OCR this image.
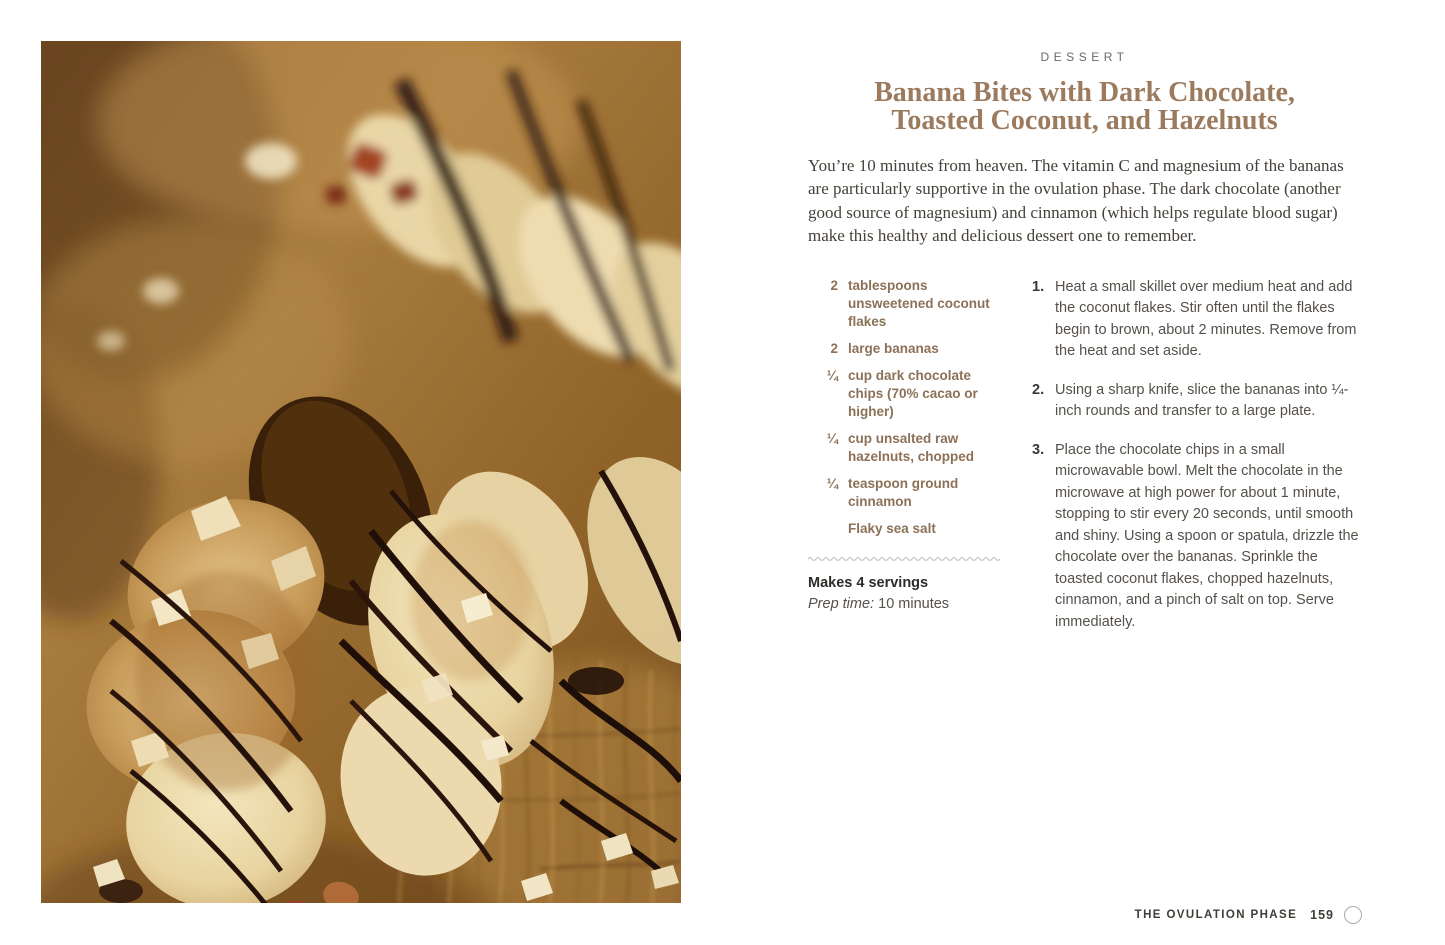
DESSERT
Banana Bites with Dark Chocolate,
Toasted Coconut, and Hazelnuts

You’re 10 minutes from heaven. The vitamin C and magnesium of the bananas are particularly supportive in the ovulation phase. The dark chocolate (another good source of magnesium) and cinnamon (which helps regulate blood sugar) make this healthy and delicious dessert one to remember.

2 tablespoons unsweetened coconut flakes
2 large bananas
¼ cup dark chocolate chips (70% cacao or higher)
¼ cup unsalted raw hazelnuts, chopped
¼ teaspoon ground cinnamon
Flaky sea salt
Makes 4 servings
Prep time: 10 minutes
1. Heat a small skillet over medium heat and add the coconut flakes. Stir often until the flakes begin to brown, about 2 minutes. Remove from the heat and set aside.
2. Using a sharp knife, slice the bananas into ¼-inch rounds and transfer to a large plate.
3. Place the chocolate chips in a small microwavable bowl. Melt the chocolate in the microwave at high power for about 1 minute, stopping to stir every 20 seconds, until smooth and shiny. Using a spoon or spatula, drizzle the chocolate over the bananas. Sprinkle the toasted coconut flakes, chopped hazelnuts, cinnamon, and a pinch of salt on top. Serve immediately.
THE OVULATION PHASE 159
